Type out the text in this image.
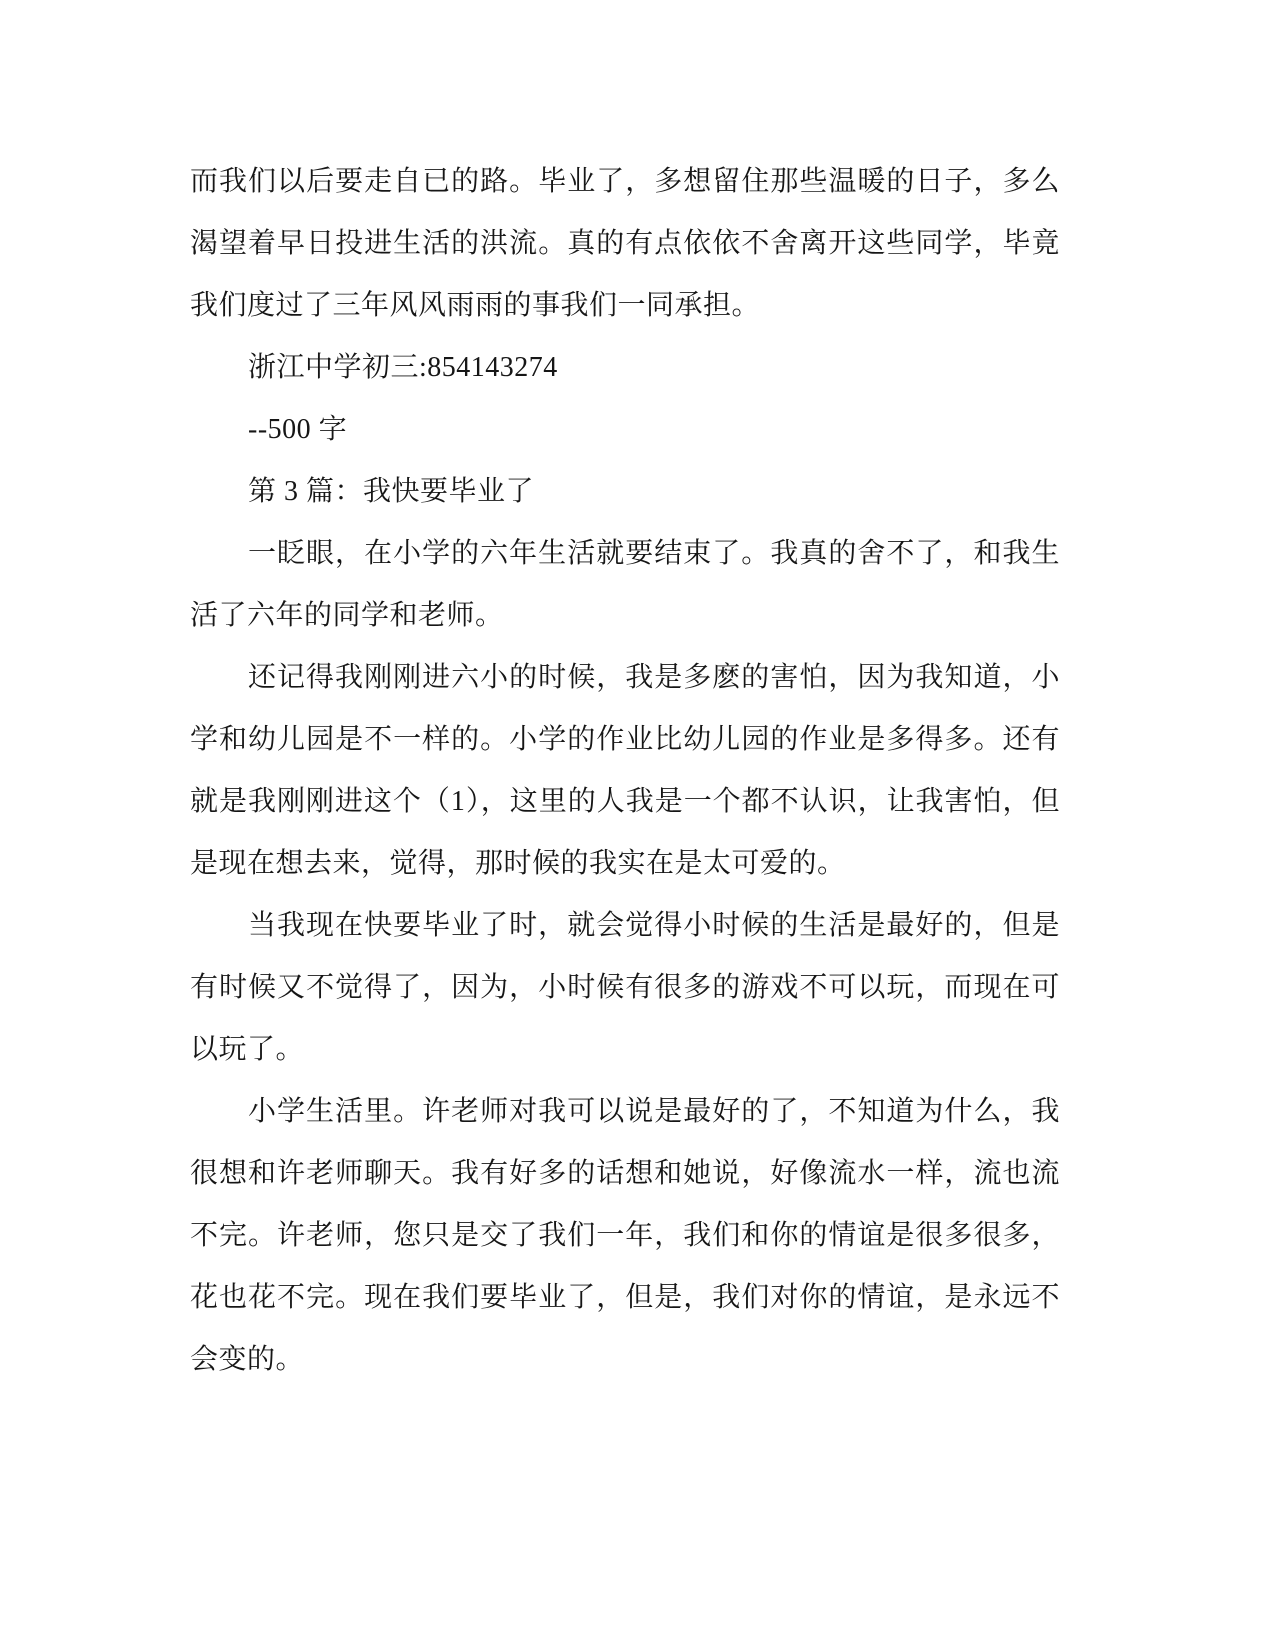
而我们以后要走自已的路。毕业了，多想留住那些温暖的日子，多么
渴望着早日投进生活的洪流。真的有点依依不舍离开这些同学，毕竟
我们度过了三年风风雨雨的事我们一同承担。
浙江中学初三:854143274
--500 字
第 3 篇：我快要毕业了
一眨眼，在小学的六年生活就要结束了。我真的舍不了，和我生
活了六年的同学和老师。
还记得我刚刚进六小的时候，我是多麽的害怕，因为我知道，小
学和幼儿园是不一样的。小学的作业比幼儿园的作业是多得多。还有
就是我刚刚进这个（1），这里的人我是一个都不认识，让我害怕，但
是现在想去来，觉得，那时候的我实在是太可爱的。
当我现在快要毕业了时，就会觉得小时候的生活是最好的，但是
有时候又不觉得了，因为，小时候有很多的游戏不可以玩，而现在可
以玩了。
小学生活里。许老师对我可以说是最好的了，不知道为什么，我
很想和许老师聊天。我有好多的话想和她说，好像流水一样，流也流
不完。许老师，您只是交了我们一年，我们和你的情谊是很多很多，
花也花不完。现在我们要毕业了，但是，我们对你的情谊，是永远不
会变的。
